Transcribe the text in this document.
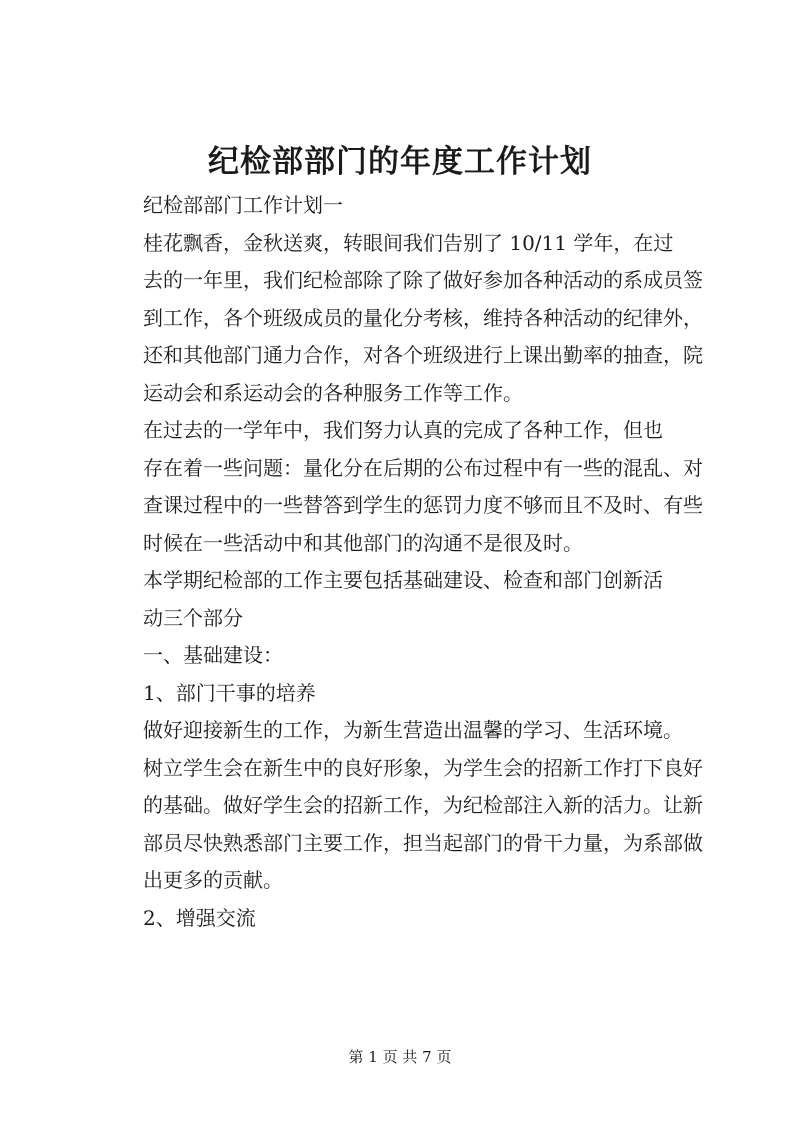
纪检部部门的年度工作计划

纪检部部门工作计划一

桂花飘香，金秋送爽，转眼间我们告别了 10/11 学年，在过
去的一年里，我们纪检部除了除了做好参加各种活动的系成员签
到工作，各个班级成员的量化分考核，维持各种活动的纪律外，
还和其他部门通力合作，对各个班级进行上课出勤率的抽查，院
运动会和系运动会的各种服务工作等工作。

在过去的一学年中，我们努力认真的完成了各种工作，但也
存在着一些问题：量化分在后期的公布过程中有一些的混乱、对
查课过程中的一些替答到学生的惩罚力度不够而且不及时、有些
时候在一些活动中和其他部门的沟通不是很及时。

本学期纪检部的工作主要包括基础建设、检查和部门创新活
动三个部分

一、基础建设：

1、部门干事的培养

做好迎接新生的工作，为新生营造出温馨的学习、生活环境。
树立学生会在新生中的良好形象，为学生会的招新工作打下良好
的基础。做好学生会的招新工作，为纪检部注入新的活力。让新
部员尽快熟悉部门主要工作，担当起部门的骨干力量，为系部做
出更多的贡献。

2、增强交流

第 1 页 共 7 页
